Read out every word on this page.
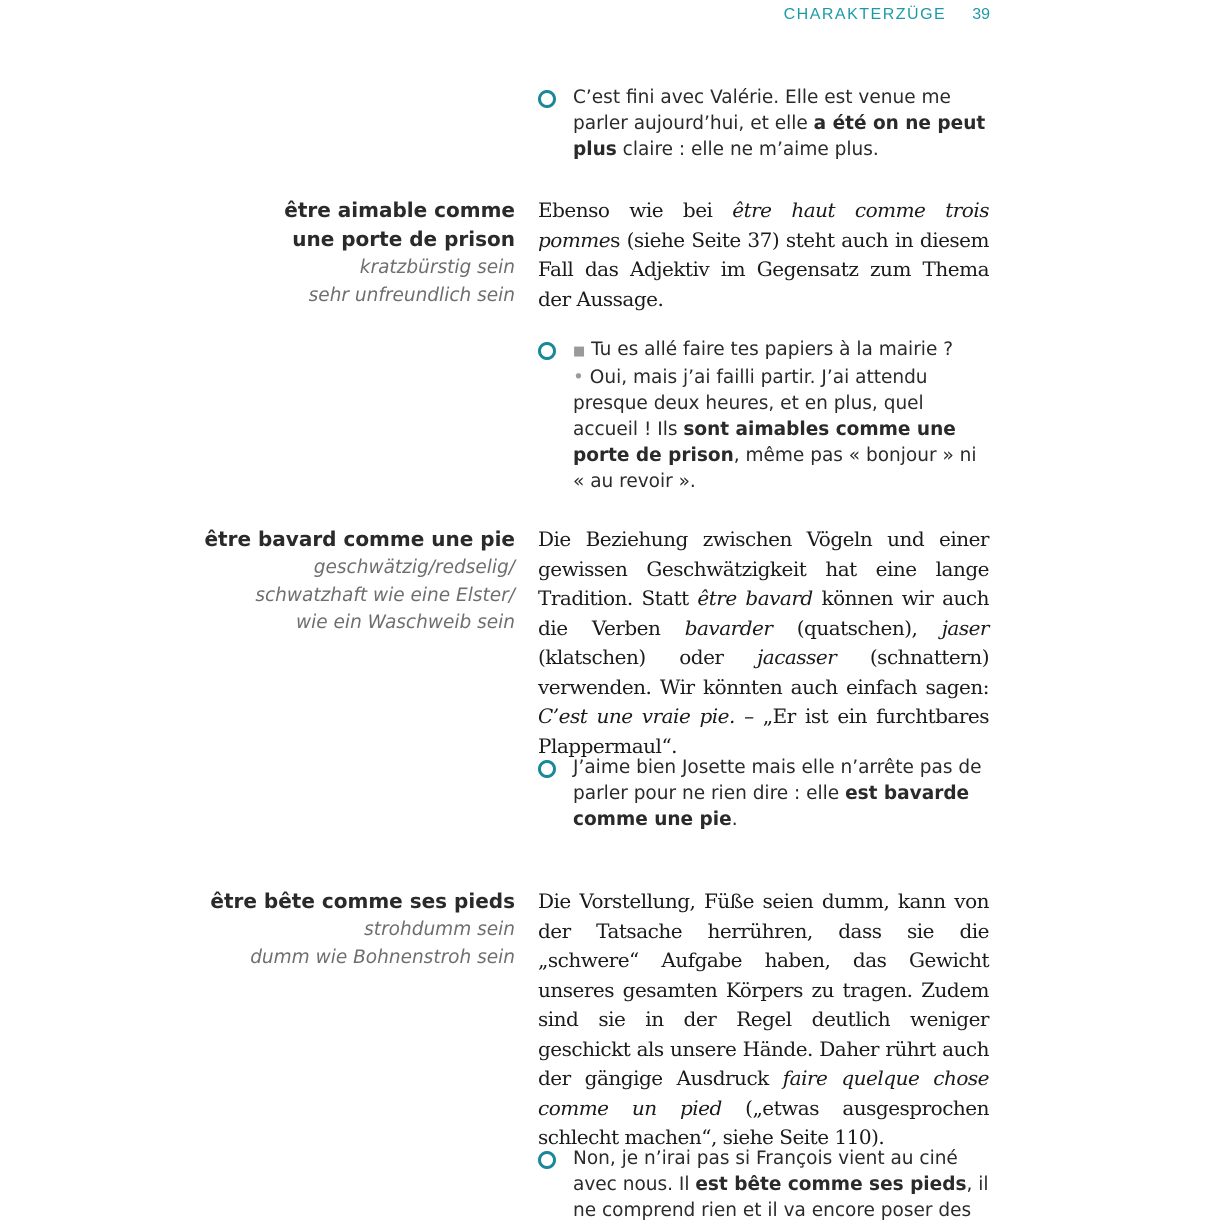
CHARAKTERZÜGE 39
C’est fini avec Valérie. Elle est venue me parler aujourd’hui, et elle a été on ne peut plus claire : elle ne m’aime plus.
être aimable comme
une porte de prison
kratzbürstig sein
sehr unfreundlich sein
Ebenso wie bei être haut comme trois pommes (siehe Seite 37) steht auch in diesem Fall das Adjektiv im Gegensatz zum Thema der Aussage.
■ Tu es allé faire tes papiers à la mairie ?
• Oui, mais j’ai failli partir. J’ai attendu presque deux heures, et en plus, quel accueil ! Ils sont aimables comme une porte de prison, même pas « bonjour » ni « au revoir ».
être bavard comme une pie
geschwätzig/redselig/
schwatzhaft wie eine Elster/
wie ein Waschweib sein
Die Beziehung zwischen Vögeln und einer gewissen Geschwätzigkeit hat eine lange Tradition. Statt être bavard können wir auch die Verben bavarder (quatschen), jaser (klatschen) oder jacasser (schnattern) verwenden. Wir könnten auch einfach sagen: C’est une vraie pie. – „Er ist ein furchtbares Plappermaul“.
J’aime bien Josette mais elle n’arrête pas de parler pour ne rien dire : elle est bavarde comme une pie.
être bête comme ses pieds
strohdumm sein
dumm wie Bohnenstroh sein
Die Vorstellung, Füße seien dumm, kann von der Tatsache herrühren, dass sie die „schwere“ Aufgabe haben, das Gewicht unseres gesamten Körpers zu tragen. Zudem sind sie in der Regel deutlich weniger geschickt als unsere Hände. Daher rührt auch der gängige Ausdruck faire quelque chose comme un pied („etwas ausgesprochen schlecht machen“, siehe Seite 110).
Non, je n’irai pas si François vient au ciné avec nous. Il est bête comme ses pieds, il ne comprend rien et il va encore poser des
